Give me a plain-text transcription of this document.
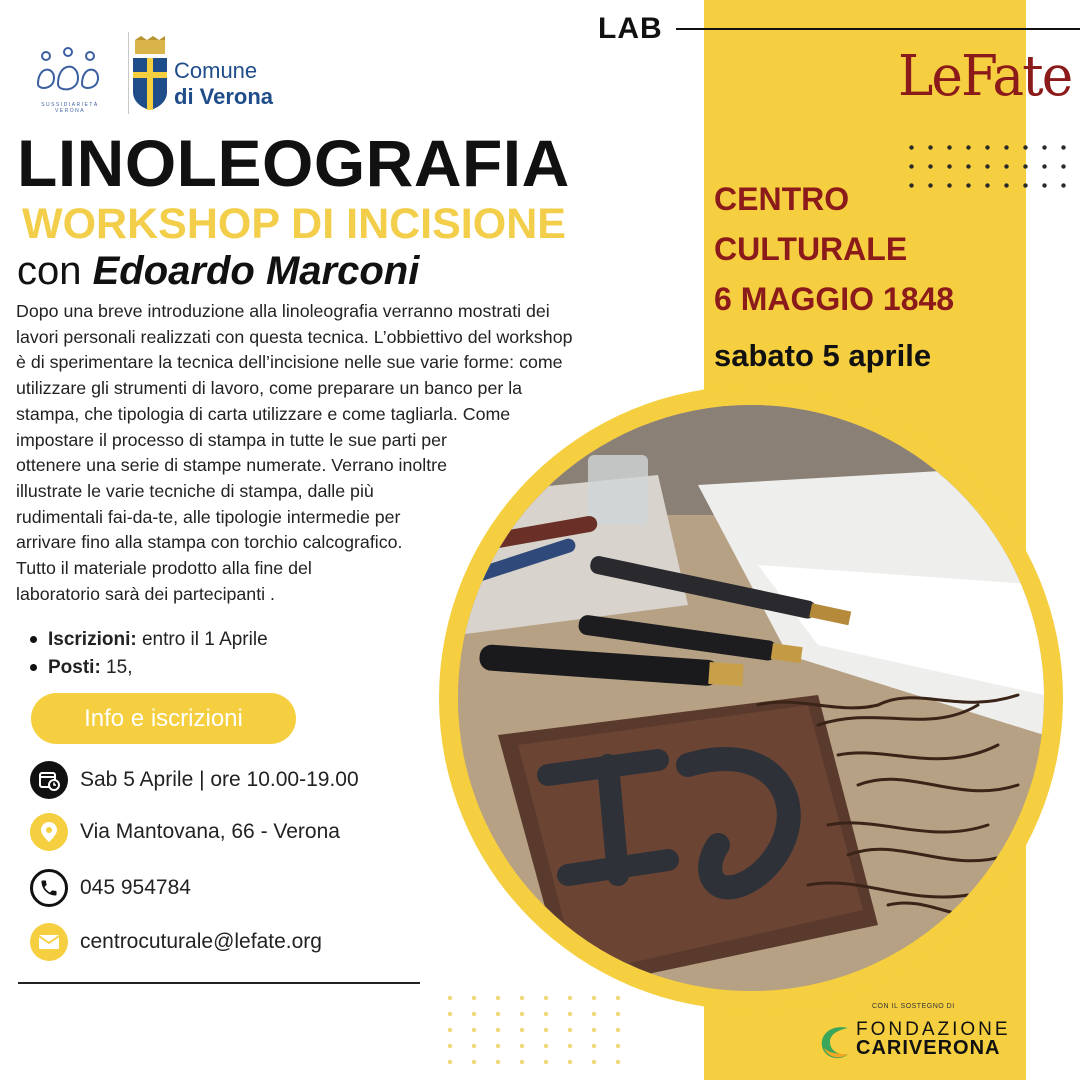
LAB
SUSSIDIARIETÀ VERONA
Comune
di Verona
LINOLEOGRAFIA
WORKSHOP DI INCISIONE
con Edoardo Marconi
Dopo una breve introduzione alla linoleografia verranno mostrati dei
lavori personali realizzati con questa tecnica. L’obbiettivo del workshop
è di sperimentare la tecnica dell’incisione nelle sue varie forme: come
utilizzare gli strumenti di lavoro, come preparare un banco per la
stampa, che tipologia di carta utilizzare e come tagliarla. Come
impostare il processo di stampa in tutte le sue parti per
ottenere una serie di stampe numerate. Verrano inoltre
illustrate le varie tecniche di stampa, dalle più
rudimentali fai-da-te, alle tipologie intermedie per
arrivare fino alla stampa con torchio calcografico.
Tutto il materiale prodotto alla fine del
laboratorio sarà dei partecipanti .
Iscrizioni: entro il 1 Aprile
Posti: 15,
Info e iscrizioni
Sab 5 Aprile | ore 10.00-19.00
Via Mantovana, 66 - Verona
045 954784
centrocuturale@lefate.org
LeFate
CENTRO
CULTURALE
6 MAGGIO 1848
sabato 5 aprile
CON IL SOSTEGNO DI
FONDAZIONE
CARIVERONA
